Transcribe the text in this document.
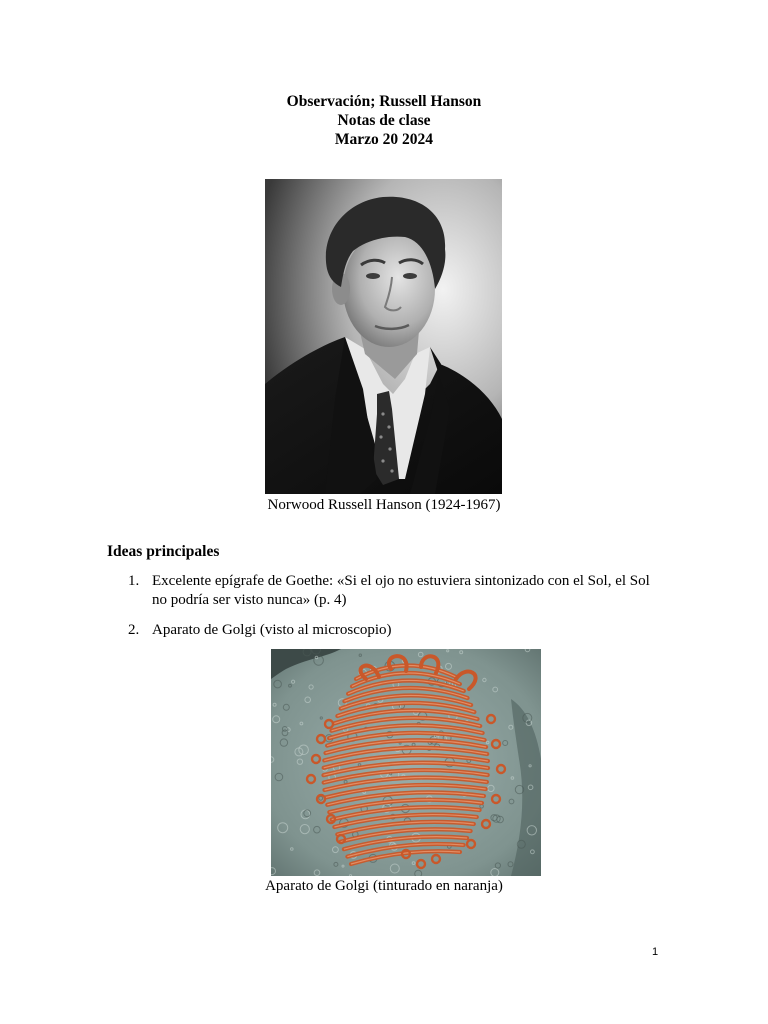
Observación; Russell Hanson
Notas de clase
Marzo 20 2024
Norwood Russell Hanson (1924-1967)
Ideas principales
1. Excelente epígrafe de Goethe: «Si el ojo no estuviera sintonizado con el Sol, el Sol
no podría ser visto nunca» (p. 4)
2. Aparato de Golgi (visto al microscopio)
Aparato de Golgi (tinturado en naranja)
1
